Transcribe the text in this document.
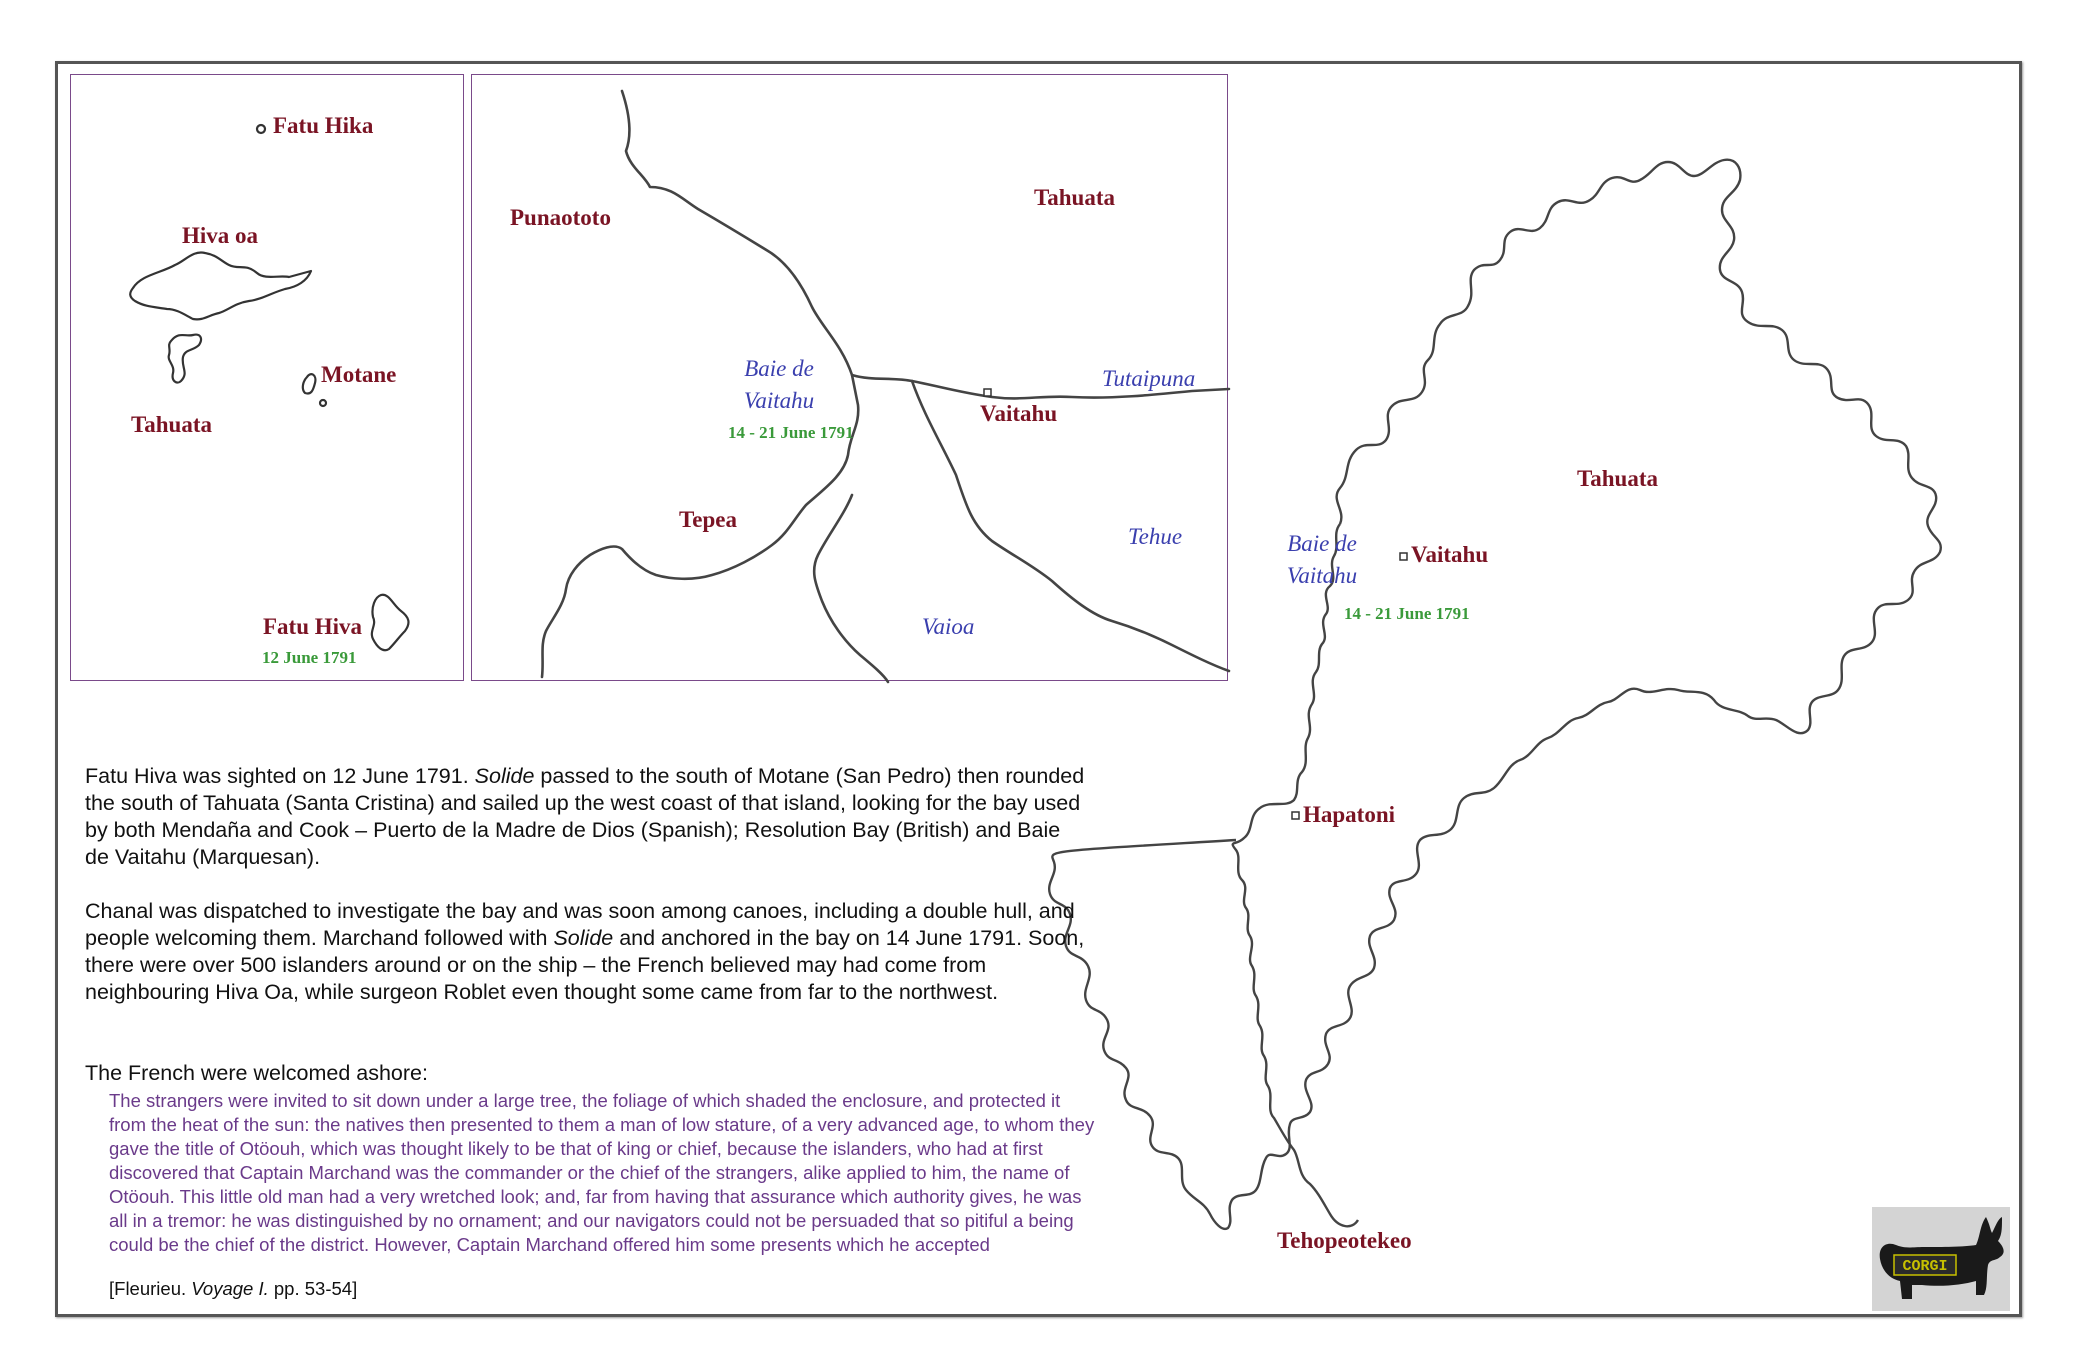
Fatu Hika
Hiva oa
Motane
Tahuata
Fatu Hiva
12 June 1791
Punaototo
Tahuata
Baie de
Vaitahu
14 - 21 June 1791
Vaitahu
Tutaipuna
Tehue
Tepea
Vaioa
Tahuata
Baie de
Vaitahu
Vaitahu
14 - 21 June 1791
Hapatoni
Tehopeotekeo
Fatu Hiva was sighted on 12 June 1791. Solide passed to the south of Motane (San Pedro) then rounded the south of Tahuata (Santa Cristina) and sailed up the west coast of that island, looking for the bay used by both Mendaña and Cook – Puerto de la Madre de Dios (Spanish); Resolution Bay (British) and Baie de Vaitahu (Marquesan).
Chanal was dispatched to investigate the bay and was soon among canoes, including a double hull, and people welcoming them. Marchand followed with Solide and anchored in the bay on 14 June 1791. Soon, there were over 500 islanders around or on the ship – the French believed may had come from neighbouring Hiva Oa, while surgeon Roblet even thought some came from far to the northwest.
The French were welcomed ashore:
The strangers were invited to sit down under a large tree, the foliage of which shaded the enclosure, and protected it from the heat of the sun: the natives then presented to them a man of low stature, of a very advanced age, to whom they gave the title of Otöouh, which was thought likely to be that of king or chief, because the islanders, who had at first discovered that Captain Marchand was the commander or the chief of the strangers, alike applied to him, the name of Otöouh. This little old man had a very wretched look; and, far from having that assurance which authority gives, he was all in a tremor: he was distinguished by no ornament; and our navigators could not be persuaded that so pitiful a being could be the chief of the district. However, Captain Marchand offered him some presents which he accepted
[Fleurieu. Voyage I. pp. 53-54]
CORGI
